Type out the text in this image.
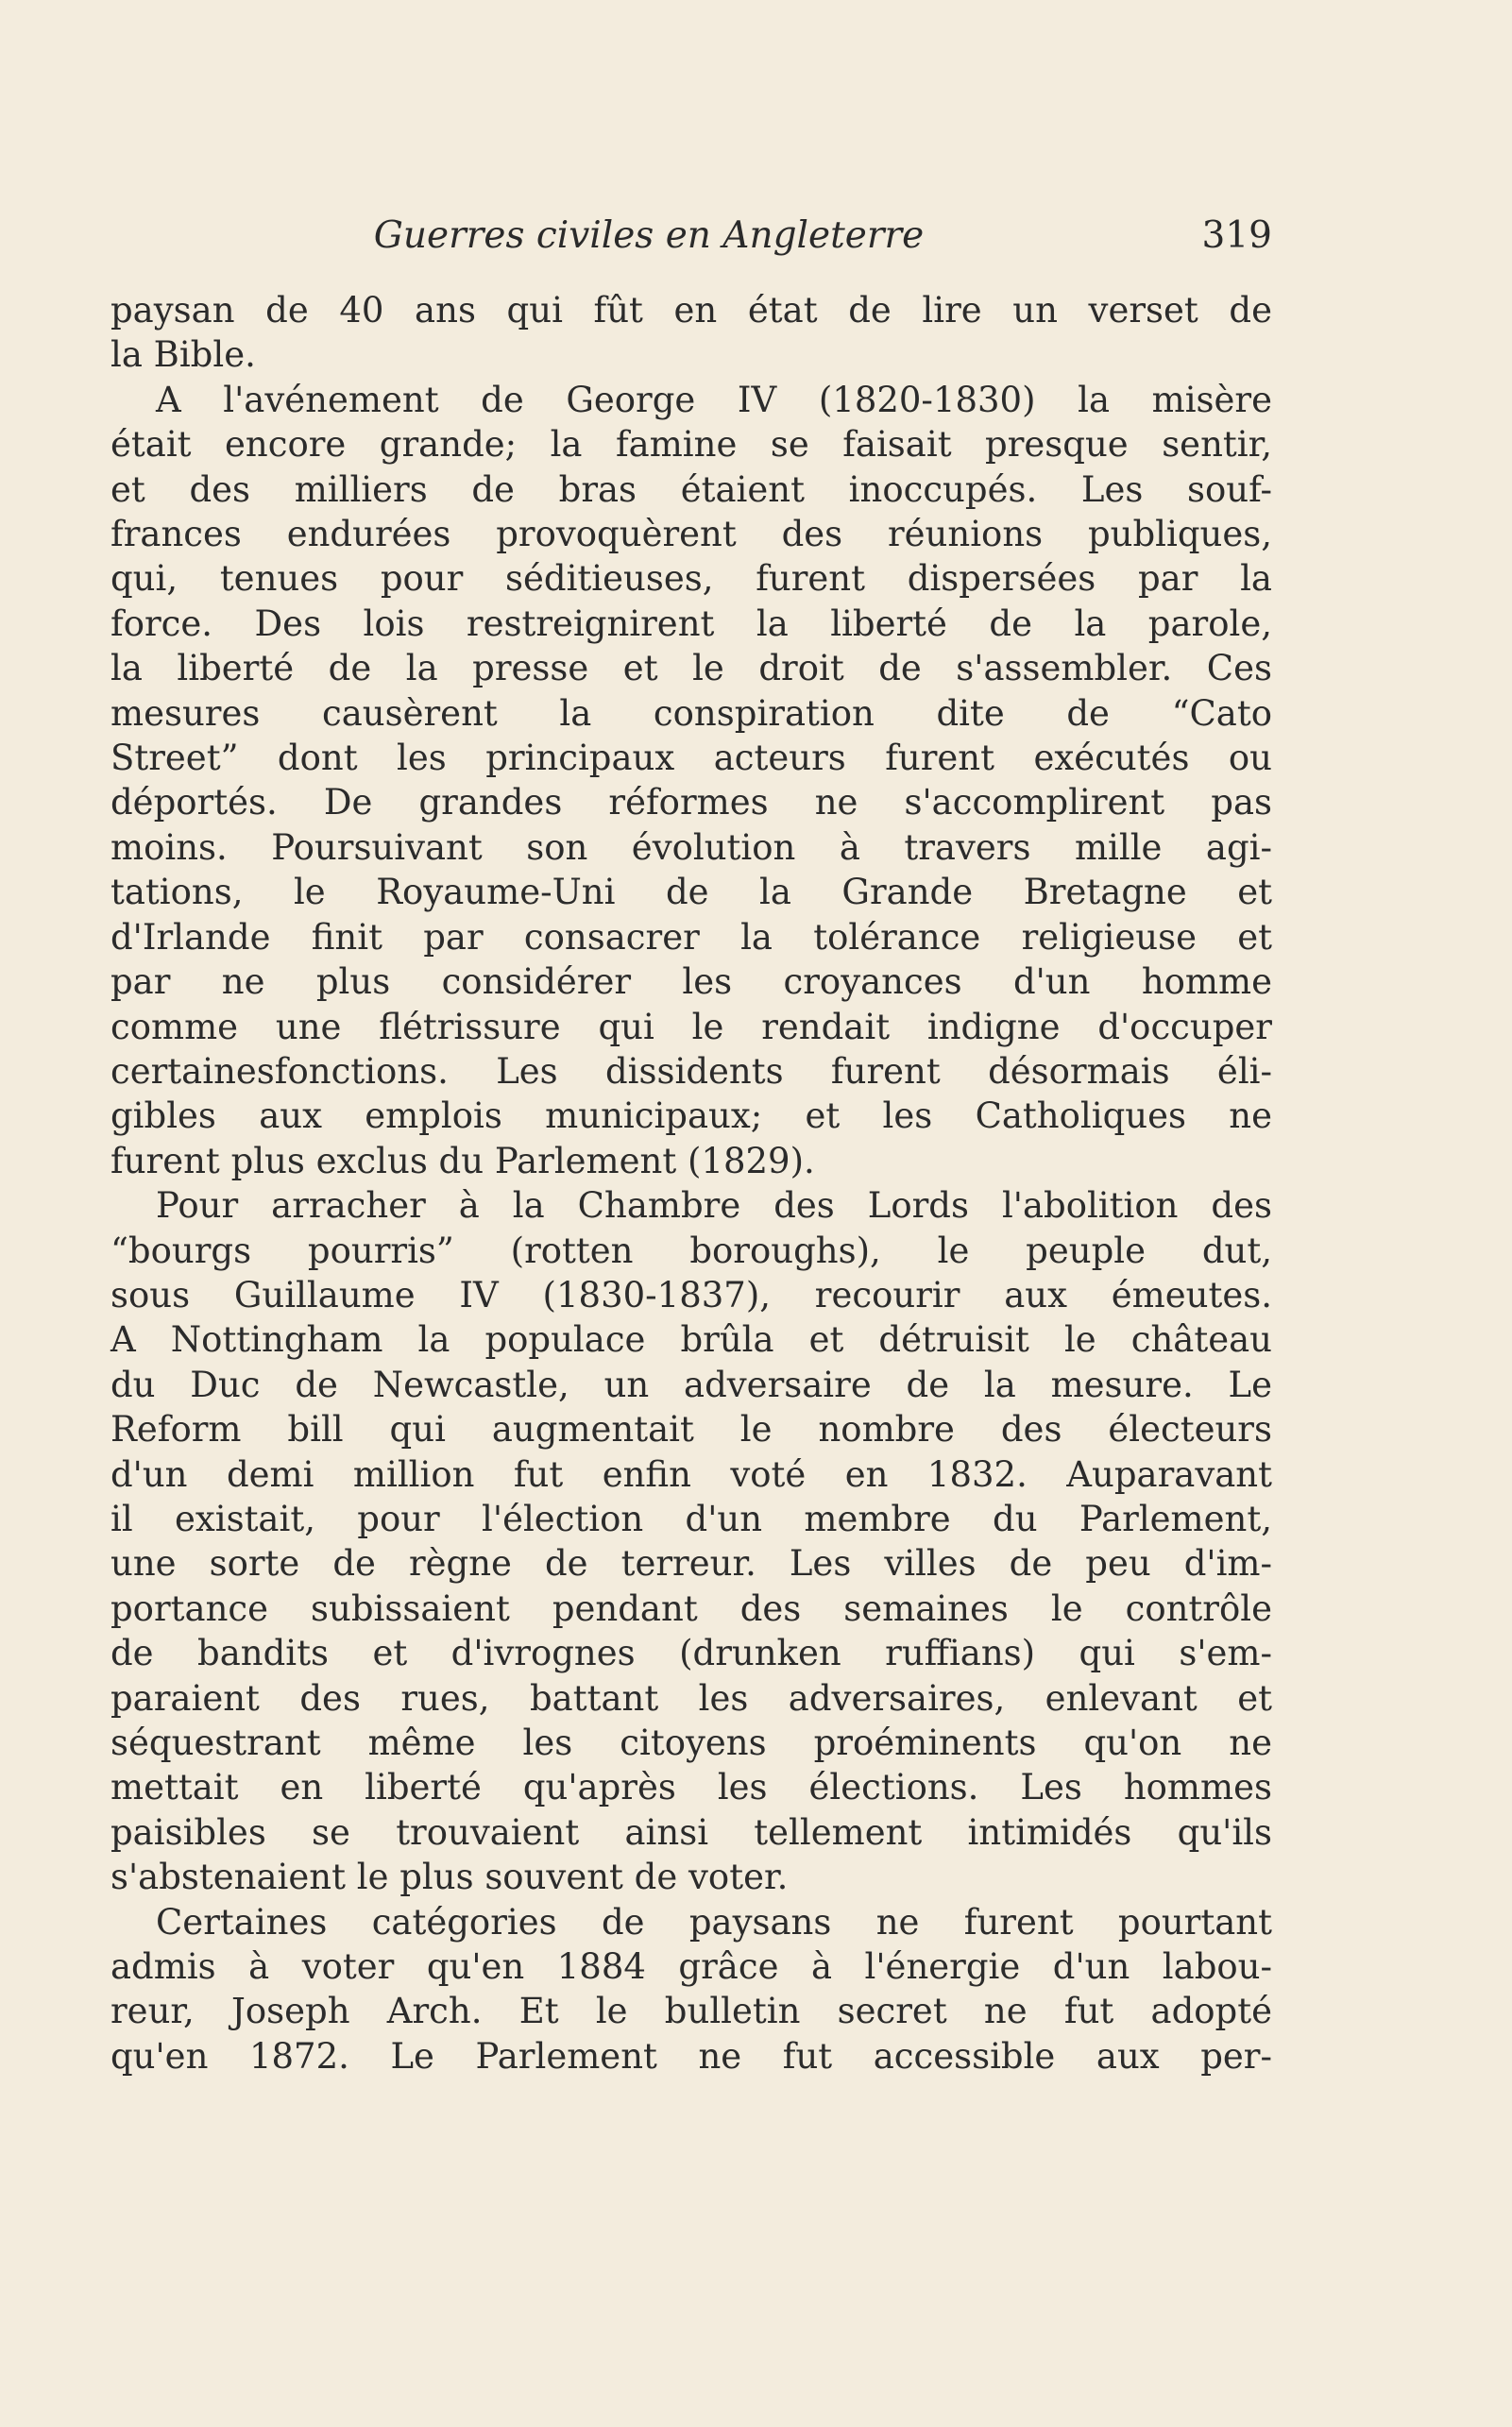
Guerres civiles en Angleterre	319

paysan de 40 ans qui fût en état de lire un verset de

la Bible.

A l'avénement de George IV (1820-1830) la misère

était encore grande; la famine se faisait presque sentir,

et des milliers de bras étaient inoccupés. Les souf-

frances endurées provoquèrent des réunions publiques,

qui, tenues pour séditieuses, furent dispersées par la

force. Des lois restreignirent la liberté de la parole,

la liberté de la presse et le droit de s'assembler. Ces

mesures causèrent la conspiration dite de “Cato

Street” dont les principaux acteurs furent exécutés ou

déportés. De grandes réformes ne s'accomplirent pas

moins. Poursuivant son évolution à travers mille agi-

tations, le Royaume-Uni de la Grande Bretagne et

d'Irlande finit par consacrer la tolérance religieuse et

par ne plus considérer les croyances d'un homme

comme une flétrissure qui le rendait indigne d'occuper

certainesfonctions. Les dissidents furent désormais éli-

gibles aux emplois municipaux; et les Catholiques ne

furent plus exclus du Parlement (1829).

Pour arracher à la Chambre des Lords l'abolition des

“bourgs pourris” (rotten boroughs), le peuple dut,

sous Guillaume IV (1830-1837), recourir aux émeutes.

A Nottingham la populace brûla et détruisit le château

du Duc de Newcastle, un adversaire de la mesure. Le

Reform bill qui augmentait le nombre des électeurs

d'un demi million fut enfin voté en 1832. Auparavant

il existait, pour l'élection d'un membre du Parlement,

une sorte de règne de terreur. Les villes de peu d'im-

portance subissaient pendant des semaines le contrôle

de bandits et d'ivrognes (drunken ruffians) qui s'em-

paraient des rues, battant les adversaires, enlevant et

séquestrant même les citoyens proéminents qu'on ne

mettait en liberté qu'après les élections. Les hommes

paisibles se trouvaient ainsi tellement intimidés qu'ils

s'abstenaient le plus souvent de voter.

Certaines catégories de paysans ne furent pourtant

admis à voter qu'en 1884 grâce à l'énergie d'un labou-

reur, Joseph Arch. Et le bulletin secret ne fut adopté

qu'en 1872. Le Parlement ne fut accessible aux per-
